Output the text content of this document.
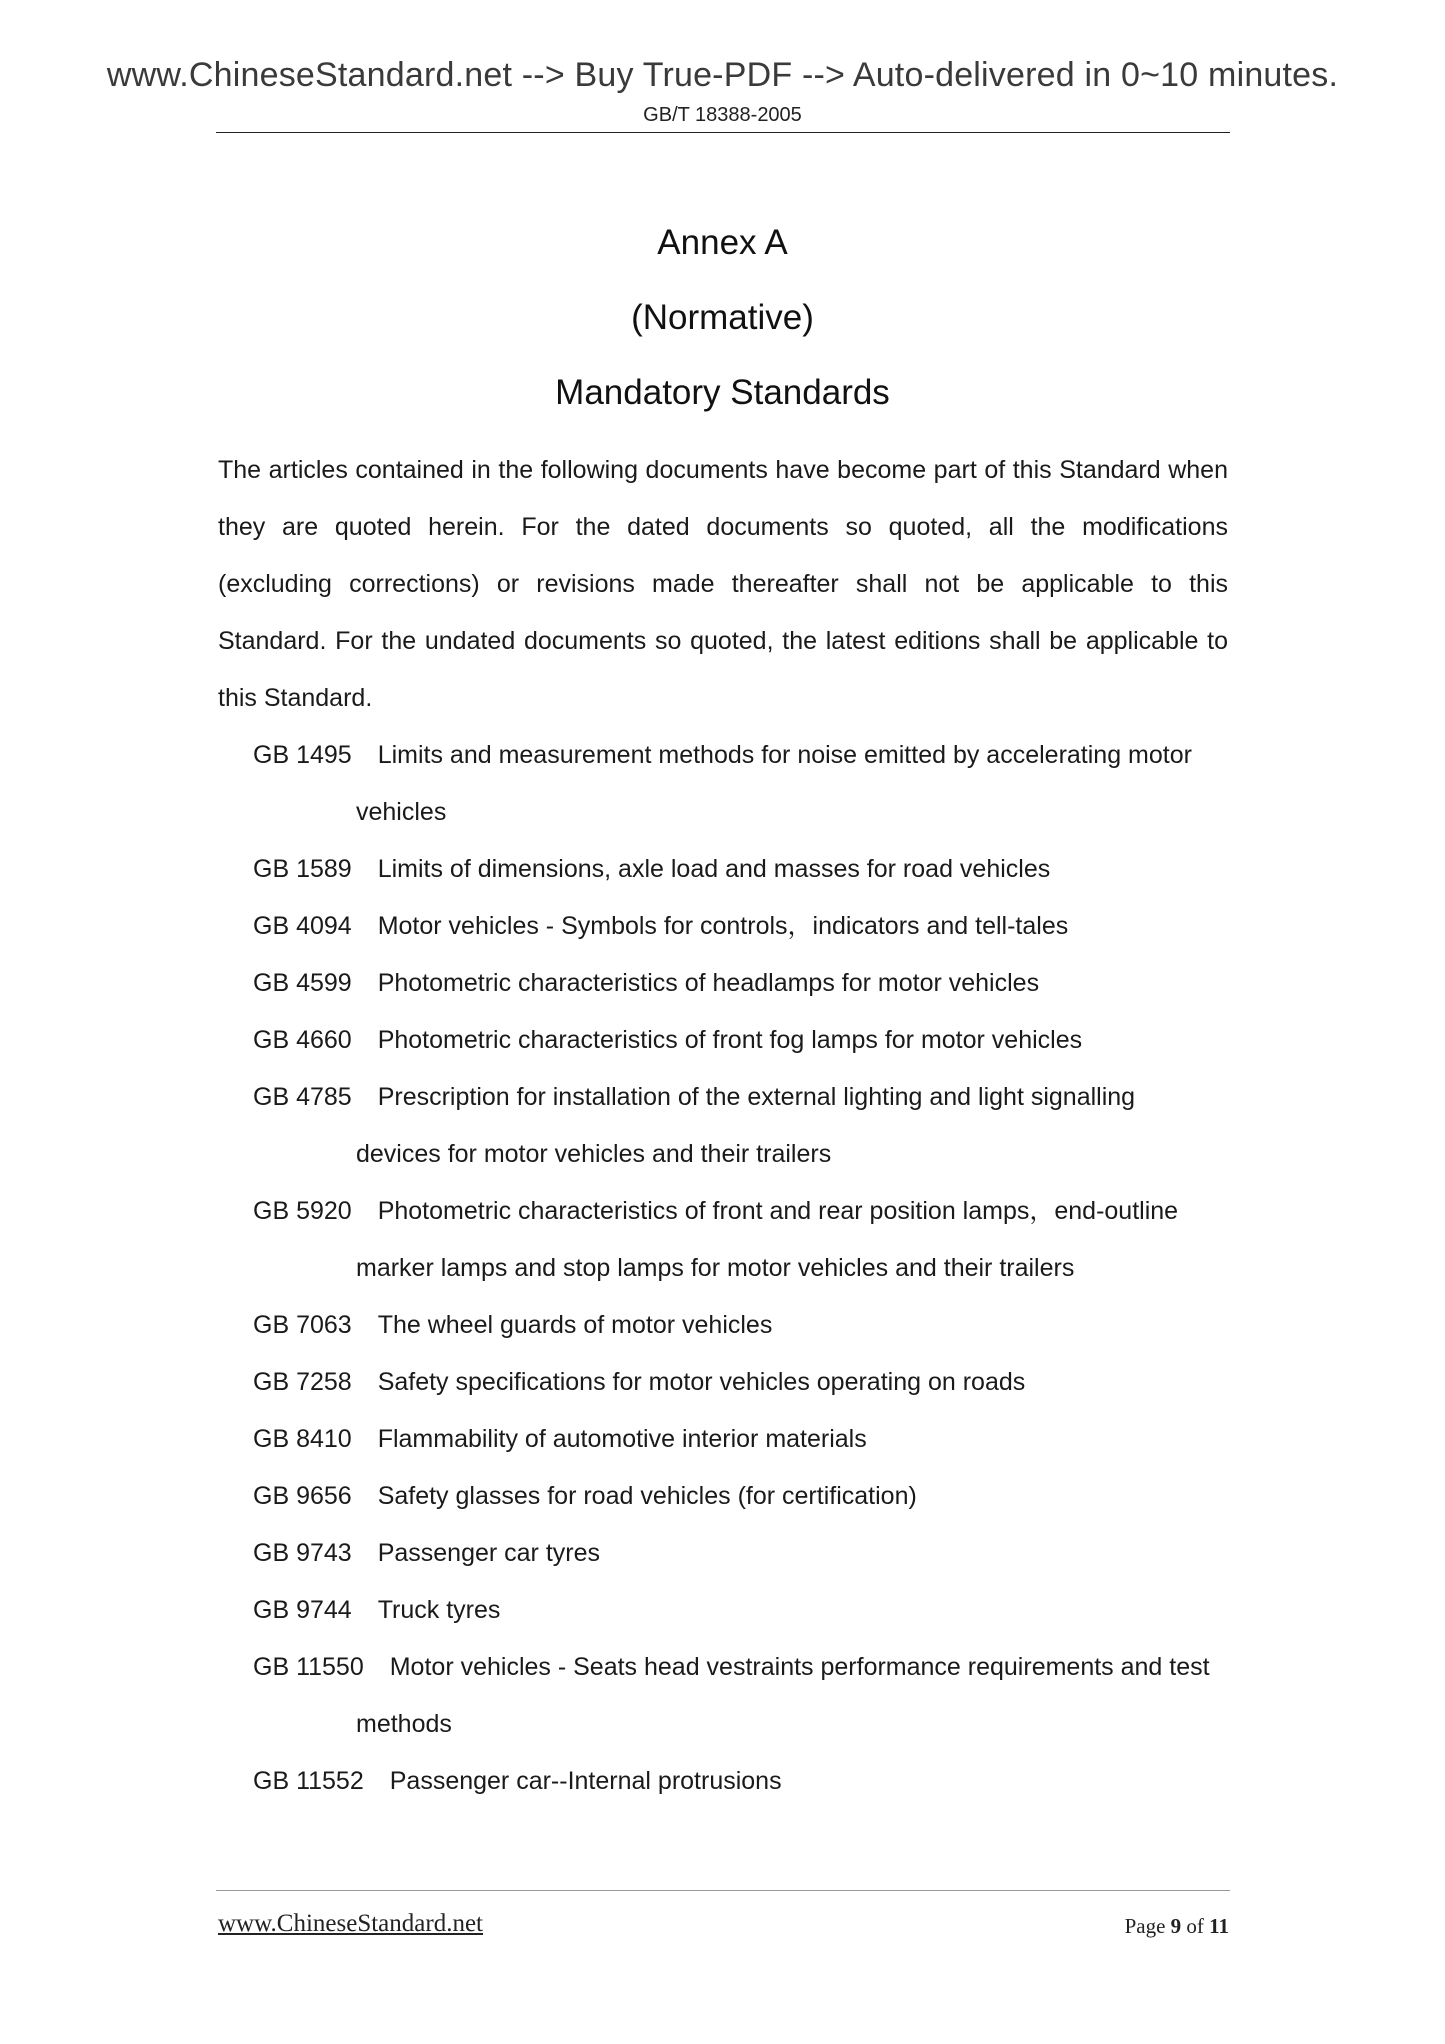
www.ChineseStandard.net --> Buy True-PDF --> Auto-delivered in 0~10 minutes.
GB/T 18388-2005
Annex A
(Normative)
Mandatory Standards

The articles contained in the following documents have become part of this Standard when they are quoted herein. For the dated documents so quoted, all the modifications (excluding corrections) or revisions made thereafter shall not be applicable to this Standard. For the undated documents so quoted, the latest editions shall be applicable to this Standard.

GB 1495 Limits and measurement methods for noise emitted by accelerating motor
vehicles
GB 1589 Limits of dimensions, axle load and masses for road vehicles
GB 4094 Motor vehicles - Symbols for controls，indicators and tell-tales
GB 4599 Photometric characteristics of headlamps for motor vehicles
GB 4660 Photometric characteristics of front fog lamps for motor vehicles
GB 4785 Prescription for installation of the external lighting and light signalling
devices for motor vehicles and their trailers
GB 5920 Photometric characteristics of front and rear position lamps，end-outline
marker lamps and stop lamps for motor vehicles and their trailers
GB 7063 The wheel guards of motor vehicles
GB 7258 Safety specifications for motor vehicles operating on roads
GB 8410 Flammability of automotive interior materials
GB 9656 Safety glasses for road vehicles (for certification)
GB 9743 Passenger car tyres
GB 9744 Truck tyres
GB 11550 Motor vehicles - Seats head vestraints performance requirements and test
methods
GB 11552 Passenger car--Internal protrusions
www.ChineseStandard.net	Page 9 of 11
